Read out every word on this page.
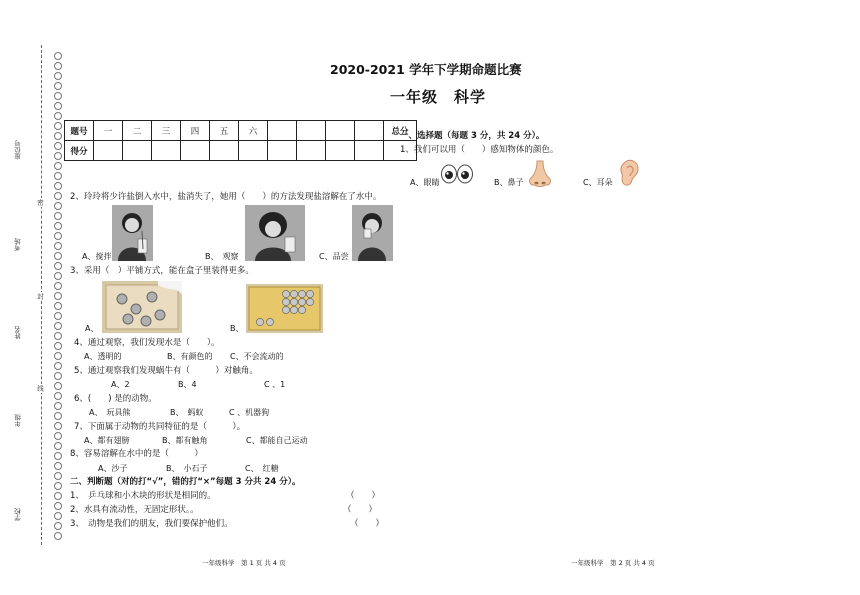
座位号
考场
姓名
年级
学校
密
封
线
2020-2021 学年下学期命题比赛
一年级　科学
题号	一	二	三	四	五	六					总分
得分											
一、选择题（每题 3 分，共 24 分）。
1、我们可以用（　　）感知物体的颜色。
A、眼睛	B、鼻子	C、耳朵
2、玲玲将少许盐倒入水中，盐消失了，她用（　　）的方法发现盐溶解在了水中。
A、搅拌	B、　观察	C、品尝
3、采用（　）平铺方式，能在盒子里装得更多。
A、	B、
4、通过观察，我们发现水是（　　）。
A、透明的	B、有颜色的 C、不会流动的
5、通过观察我们发现蜗牛有（　　　）对触角。
A、2	B、4	C 、1
6、(　　) 是的动物。
A、　玩具熊	B、　蚂蚁	C 、机器狗
7、下面属于动物的共同特征的是（　　　）。
A、都有翅膀	B、都有触角	C、都能自己运动
8、容易溶解在水中的是（　　　）
A、沙子	B、　小石子	C、　红糖
二、判断题（对的打“√”，错的打“×”每题 3 分共 24 分）。
1、　乒乓球和小木块的形状是相同的。	（　　）
2、水具有流动性，无固定形状。。	（　　）
3、　动物是我们的朋友，我们要保护他们。	（　　）
一年级科学　第 1 页 共 4 页	一年级科学　第 2 页 共 4 页
